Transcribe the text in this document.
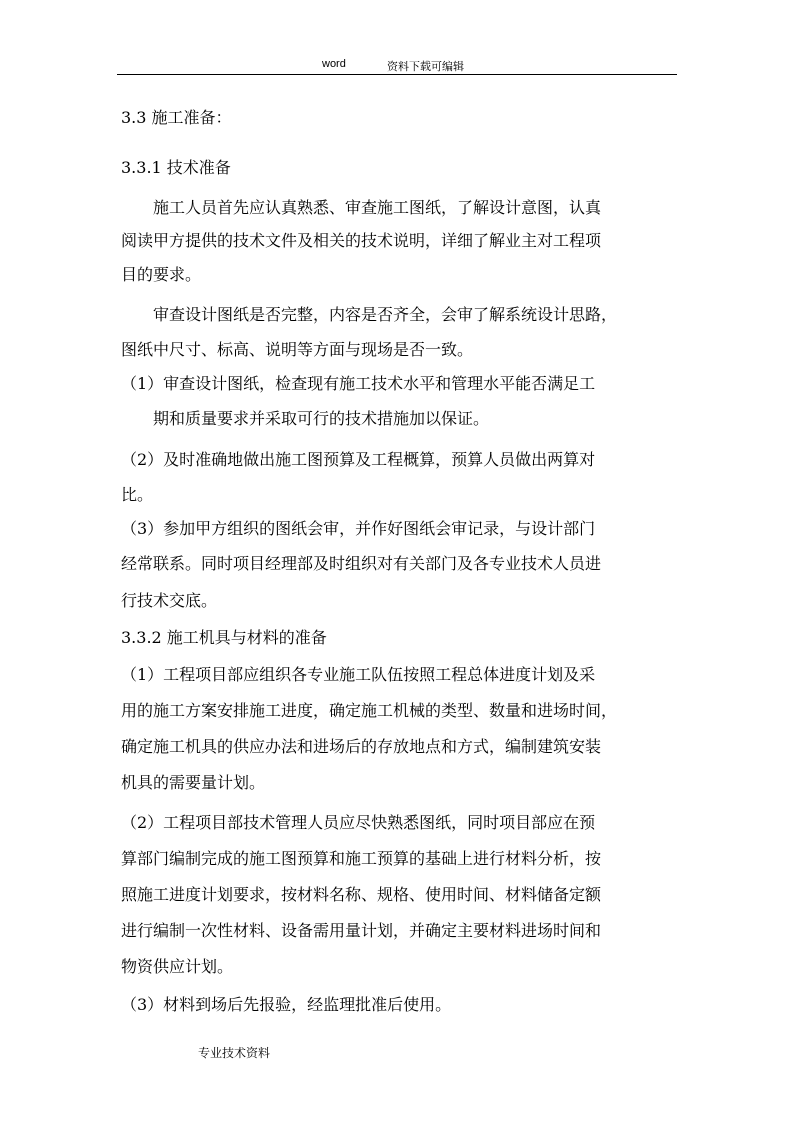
word	资料下载可编辑
3.3 施工准备：
3.3.1 技术准备
施工人员首先应认真熟悉、审查施工图纸，了解设计意图，认真
阅读甲方提供的技术文件及相关的技术说明，详细了解业主对工程项
目的要求。
审查设计图纸是否完整，内容是否齐全，会审了解系统设计思路，
图纸中尺寸、标高、说明等方面与现场是否一致。
（1）审查设计图纸，检查现有施工技术水平和管理水平能否满足工
期和质量要求并采取可行的技术措施加以保证。
（2）及时准确地做出施工图预算及工程概算，预算人员做出两算对
比。
（3）参加甲方组织的图纸会审，并作好图纸会审记录，与设计部门
经常联系。同时项目经理部及时组织对有关部门及各专业技术人员进
行技术交底。
3.3.2 施工机具与材料的准备
（1）工程项目部应组织各专业施工队伍按照工程总体进度计划及采
用的施工方案安排施工进度，确定施工机械的类型、数量和进场时间，
确定施工机具的供应办法和进场后的存放地点和方式，编制建筑安装
机具的需要量计划。
（2）工程项目部技术管理人员应尽快熟悉图纸，同时项目部应在预
算部门编制完成的施工图预算和施工预算的基础上进行材料分析，按
照施工进度计划要求，按材料名称、规格、使用时间、材料储备定额
进行编制一次性材料、设备需用量计划，并确定主要材料进场时间和
物资供应计划。
（3）材料到场后先报验，经监理批准后使用。
专业技术资料
